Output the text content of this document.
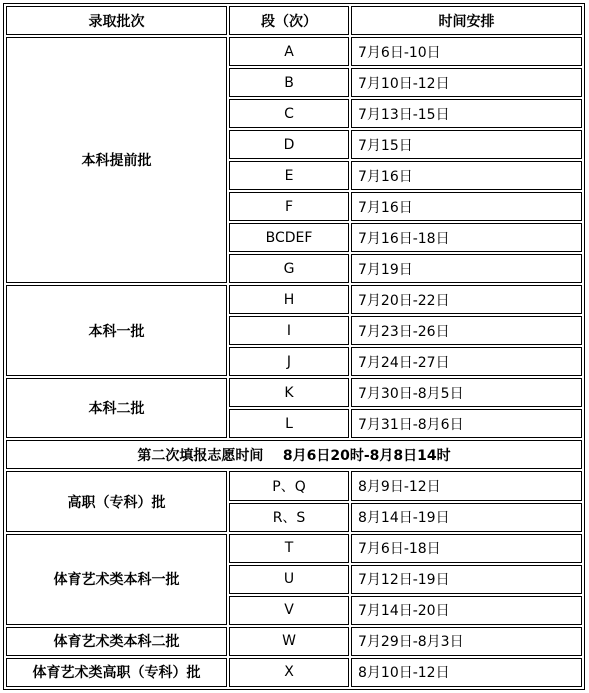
录取批次	段（次）	时间安排
本科提前批	A	7月6日-10日
	B	7月10日-12日
	C	7月13日-15日
	D	7月15日
	E	7月16日
	F	7月16日
	BCDEF	7月16日-18日
	G	7月19日
本科一批	H	7月20日-22日
	I	7月23日-26日
	J	7月24日-27日
本科二批	K	7月30日-8月5日
	L	7月31日-8月6日
第二次填报志愿时间    8月6日20时-8月8日14时		
高职（专科）批	P、Q	8月9日-12日
	R、S	8月14日-19日
体育艺术类本科一批	T	7月6日-18日
	U	7月12日-19日
	V	7月14日-20日
体育艺术类本科二批	W	7月29日-8月3日
体育艺术类高职（专科）批	X	8月10日-12日
